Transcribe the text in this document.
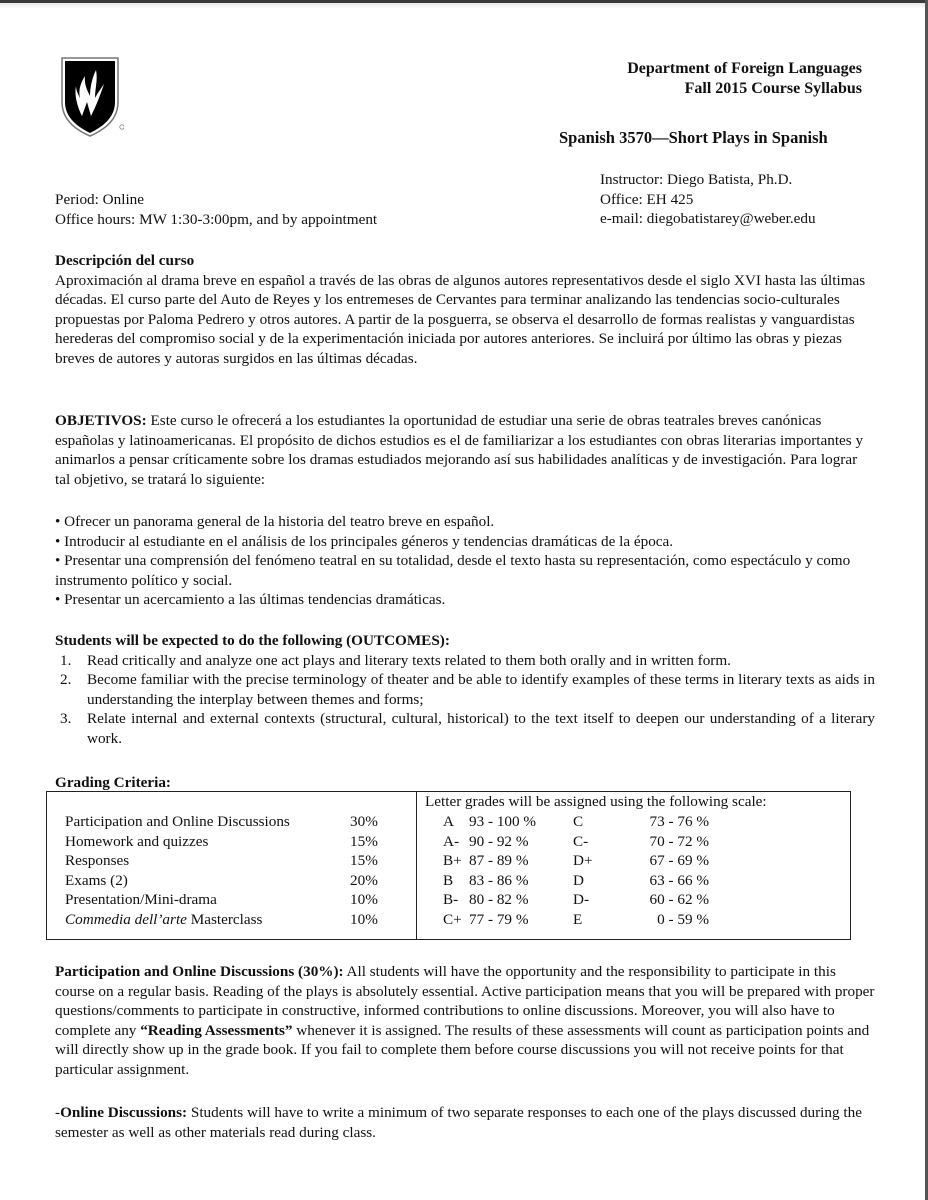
Department of Foreign Languages
Fall 2015 Course Syllabus
Spanish 3570—Short Plays in Spanish
Instructor: Diego Batista, Ph.D.
Office: EH 425
e-mail: diegobatistarey@weber.edu
Period: Online
Office hours: MW 1:30-3:00pm, and by appointment

Descripción del curso

Aproximación al drama breve en español a través de las obras de algunos autores representativos desde el siglo XVI hasta las últimas décadas. El curso parte del Auto de Reyes y los entremeses de Cervantes para terminar analizando las tendencias socio-culturales propuestas por Paloma Pedrero y otros autores. A partir de la posguerra, se observa el desarrollo de formas realistas y vanguardistas herederas del compromiso social y de la experimentación iniciada por autores anteriores. Se incluirá por último las obras y piezas breves de autores y autoras surgidos en las últimas décadas.

OBJETIVOS: Este curso le ofrecerá a los estudiantes la oportunidad de estudiar una serie de obras teatrales breves canónicas españolas y latinoamericanas. El propósito de dichos estudios es el de familiarizar a los estudiantes con obras literarias importantes y animarlos a pensar críticamente sobre los dramas estudiados mejorando así sus habilidades analíticas y de investigación. Para lograr tal objetivo, se tratará lo siguiente:

• Ofrecer un panorama general de la historia del teatro breve en español.

• Introducir al estudiante en el análisis de los principales géneros y tendencias dramáticas de la época.

• Presentar una comprensión del fenómeno teatral en su totalidad, desde el texto hasta su representación, como espectáculo y como instrumento político y social.

• Presentar un acercamiento a las últimas tendencias dramáticas.

Students will be expected to do the following (OUTCOMES):

1. Read critically and analyze one act plays and literary texts related to them both orally and in written form.
2. Become familiar with the precise terminology of theater and be able to identify examples of these terms in literary texts as aids in understanding the interplay between themes and forms;
3. Relate internal and external contexts (structural, cultural, historical) to the text itself to deepen our understanding of a literary work.
Grading Criteria:
Participation and Online Discussions	30%
Homework and quizzes	15%
Responses	15%
Exams (2)	20%
Presentation/Mini-drama	10%
Commedia dell’arte Masterclass	10%
Letter grades will be assigned using the following scale:
A 93 - 100 %	C	73 - 76 %
A- 90 - 92 %	C-	70 - 72 %
B+ 87 - 89 %	D+	67 - 69 %
B	83 - 86 %	D	63 - 66 %
B- 80 - 82 %	D-	60 - 62 %
C+ 77 - 79 %	E	0 - 59 %

Participation and Online Discussions (30%): All students will have the opportunity and the responsibility to participate in this course on a regular basis. Reading of the plays is absolutely essential. Active participation means that you will be prepared with proper questions/comments to participate in constructive, informed contributions to online discussions. Moreover, you will also have to complete any “Reading Assessments” whenever it is assigned. The results of these assessments will count as participation points and will directly show up in the grade book. If you fail to complete them before course discussions you will not receive points for that particular assignment.

-Online Discussions: Students will have to write a minimum of two separate responses to each one of the plays discussed during the semester as well as other materials read during class.
